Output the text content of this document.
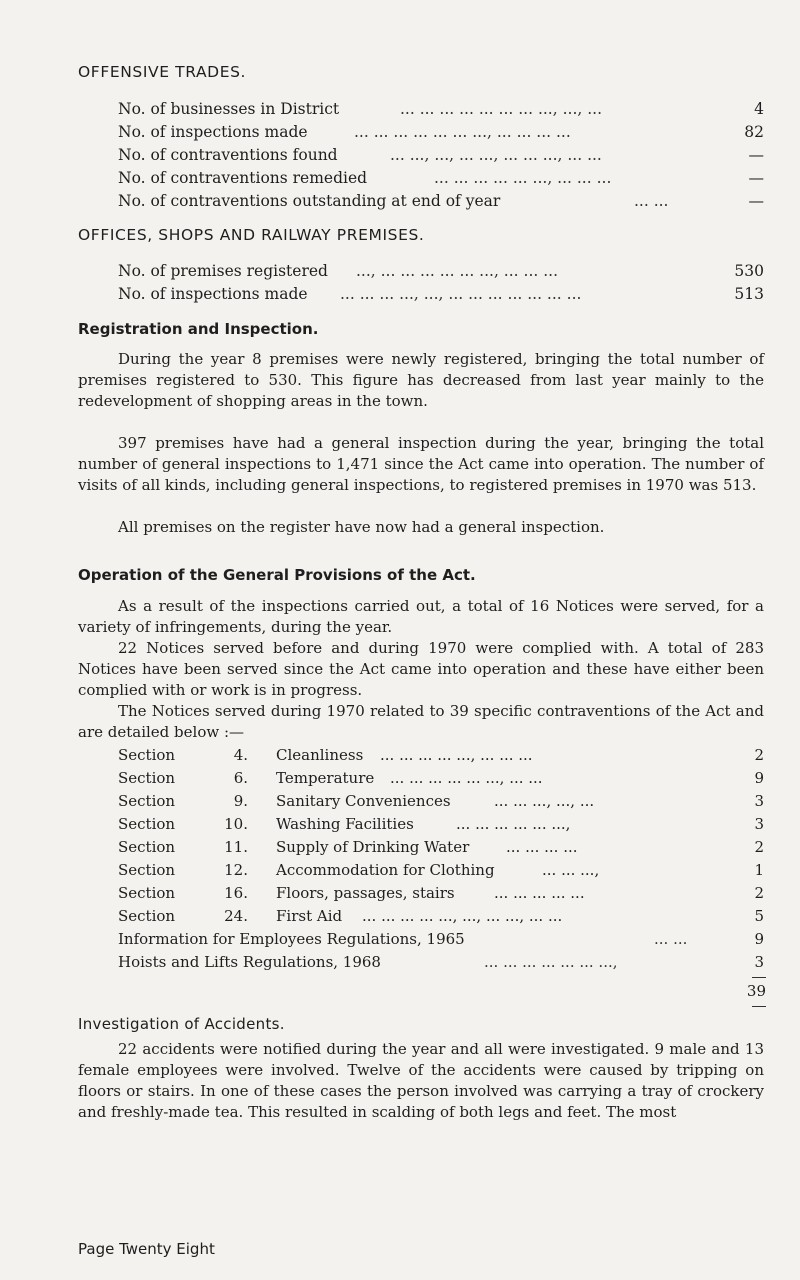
OFFENSIVE TRADES.
No. of businesses in District	... ... ... ... ... ... ... ..., ..., ...	4
No. of inspections made	... ... ... ... ... ... ..., ... ... ... ...	82
No. of contraventions found	... ..., ..., ... ..., ... ... ..., ... ...	—
No. of contraventions remedied	... ... ... ... ... ..., ... ... ...	—
No. of contraventions outstanding at end of year	... ...	—
OFFICES, SHOPS AND RAILWAY PREMISES.
No. of premises registered ..., ... ... ... ... ... ..., ... ... ...	530
No. of inspections made ... ... ... ..., ..., ... ... ... ... ... ... ...	513
Registration and Inspection.
During the year 8 premises were newly registered, bringing the total number of premises registered to 530. This figure has decreased from last year mainly to the redevelopment of shopping areas in the town.
397 premises have had a general inspection during the year, bringing the total number of general inspections to 1,471 since the Act came into operation. The number of visits of all kinds, including general inspections, to registered premises in 1970 was 513.
All premises on the register have now had a general inspection.
Operation of the General Provisions of the Act.
As a result of the inspections carried out, a total of 16 Notices were served, for a variety of infringements, during the year.
22 Notices served before and during 1970 were complied with. A total of 283 Notices have been served since the Act came into operation and these have either been complied with or work is in progress.
The Notices served during 1970 related to 39 specific contraventions of the Act and are detailed below :—
Section	4. Cleanliness ... ... ... ... ..., ... ... ...	2
Section	6. Temperature ... ... ... ... ... ..., ... ...	9
Section	9. Sanitary Conveniences	... ... ..., ..., ...	3
Section	10. Washing Facilities	... ... ... ... ... ...,	3
Section	11. Supply of Drinking Water ... ... ... ...	2
Section	12. Accommodation for Clothing	... ... ...,	1
Section	16. Floors, passages, stairs	... ... ... ... ...	2
Section	24. First Aid ... ... ... ... ..., ..., ... ..., ... ...	5
Information for Employees Regulations, 1965	... ...	9
Hoists and Lifts Regulations, 1968	... ... ... ... ... ... ...,	3
39
Investigation of Accidents.
22 accidents were notified during the year and all were investigated. 9 male and 13 female employees were involved. Twelve of the accidents were caused by tripping on floors or stairs. In one of these cases the person involved was carrying a tray of crockery and freshly-made tea. This resulted in scalding of both legs and feet. The most
Page Twenty Eight
